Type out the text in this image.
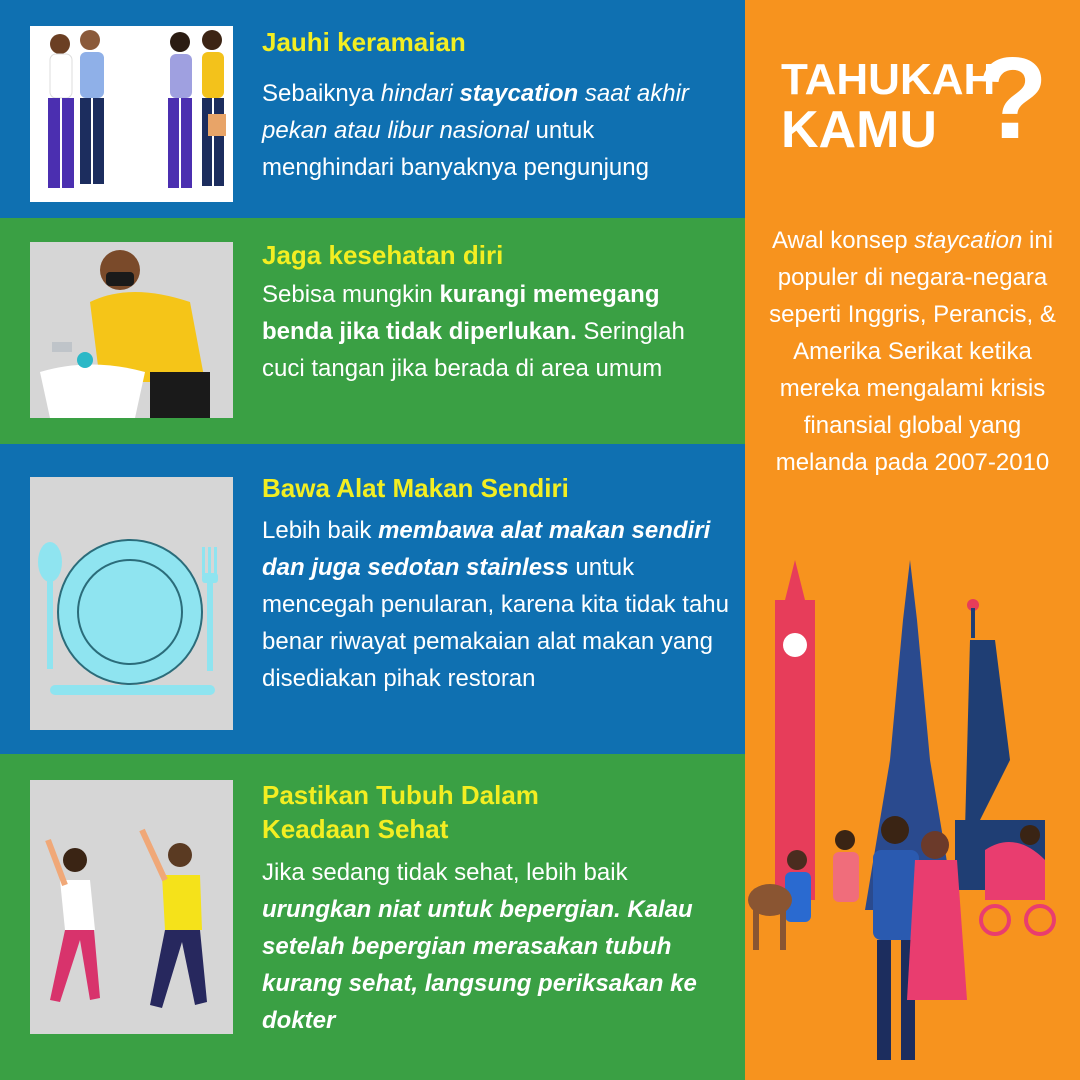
Jauhi keramaian

Sebaiknya hindari staycation saat akhir pekan atau libur nasional untuk menghindari banyaknya pengunjung

Jaga kesehatan diri

Sebisa mungkin kurangi memegang benda jika tidak diperlukan. Seringlah cuci tangan jika berada di area umum

Bawa Alat Makan Sendiri

Lebih baik membawa alat makan sendiri dan juga sedotan stainless untuk mencegah penularan, karena kita tidak tahu benar riwayat pemakaian alat makan yang disediakan pihak restoran

Pastikan Tubuh Dalam
Keadaan Sehat

Jika sedang tidak sehat, lebih baik urungkan niat untuk bepergian. Kalau setelah bepergian merasakan tubuh kurang sehat, langsung periksakan ke dokter

TAHUKAH
KAMU ?

Awal konsep staycation ini populer di negara-negara seperti Inggris, Perancis, & Amerika Serikat ketika mereka mengalami krisis finansial global yang melanda pada 2007-2010
